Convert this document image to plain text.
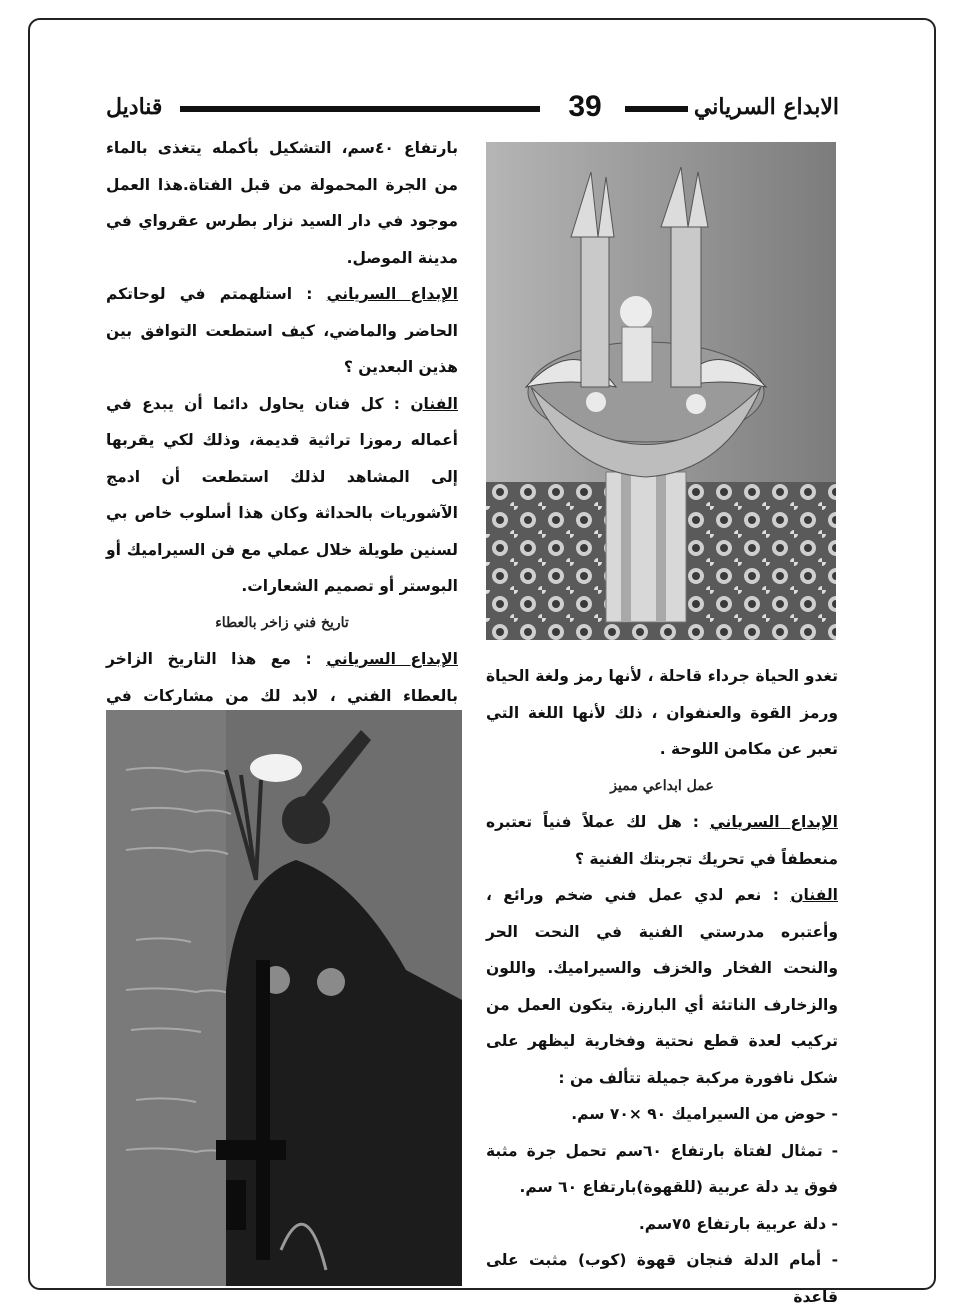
قناديل	39	الابداع السرياني

بارتفاع ٤٠سم، التشكيل بأكمله يتغذى بالماء من الجرة المحمولة من قبل الفتاة.هذا العمل موجود في دار السيد نزار بطرس عقرواي في مدينة الموصل.

الإبداع السرياني : استلهمتم في لوحاتكم الحاضر والماضي، كيف استطعت التوافق بين هذين البعدين ؟

الفنان : كل فنان يحاول دائما أن يبدع في أعماله رموزا تراثية قديمة، وذلك لكي يقربها إلى المشاهد لذلك استطعت أن ادمج الآشوريات بالحداثة وكان هذا أسلوب خاص بي لسنين طويلة خلال عملي مع فن السيراميك أو البوستر أو تصميم الشعارات.

تاريخ فني زاخر بالعطاء

الإبداع السرياني : مع هذا التاريخ الزاخر بالعطاء الفني ، لابد لك من مشاركات في

تغدو الحياة جرداء قاحلة ، لأنها رمز ولغة الحياة ورمز القوة والعنفوان ، ذلك لأنها اللغة التي تعبر عن مكامن اللوحة .

عمل ابداعي مميز

الإبداع السرياني : هل لك عملاً فنياً تعتبره منعطفاً في تحريك تجربتك الفنية ؟

الفنان : نعم لدي عمل فني ضخم ورائع ، وأعتبره مدرستي الفنية في النحت الحر والنحت الفخار والخزف والسيراميك. واللون والزخارف الناتئة أي البارزة. يتكون العمل من تركيب لعدة قطع نحتية وفخارية ليظهر على شكل نافورة مركبة جميلة تتألف من :

- حوض من السيراميك ٩٠ ×٧٠ سم.

- تمثال لفتاة بارتفاع ٦٠سم تحمل جرة مثبة فوق يد دلة عربية (للقهوة)بارتفاع ٦٠ سم.

- دلة عربية بارتفاع ٧٥سم.

- أمام الدلة فنجان قهوة (كوب) مثبت على قاعدة
